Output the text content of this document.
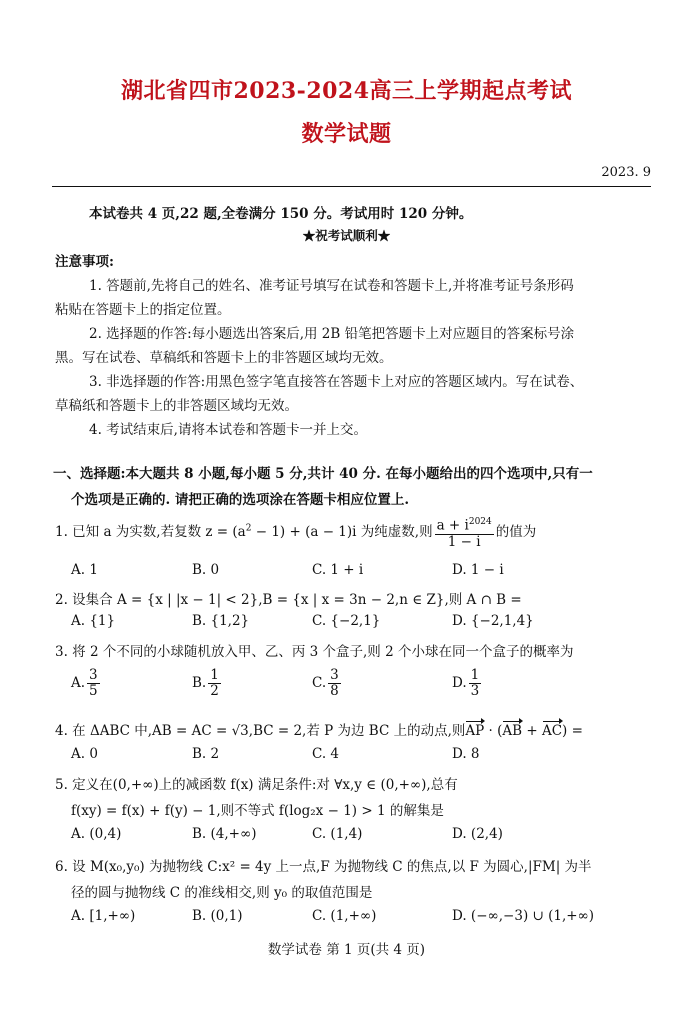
湖北省四市2023-2024高三上学期起点考试
数学试题
2023. 9
本试卷共 4 页,22 题,全卷满分 150 分。考试用时 120 分钟。
★祝考试顺利★
注意事项:
1. 答题前,先将自己的姓名、准考证号填写在试卷和答题卡上,并将准考证号条形码
粘贴在答题卡上的指定位置。
2. 选择题的作答:每小题选出答案后,用 2B 铅笔把答题卡上对应题目的答案标号涂
黑。写在试卷、草稿纸和答题卡上的非答题区域均无效。
3. 非选择题的作答:用黑色签字笔直接答在答题卡上对应的答题区域内。写在试卷、
草稿纸和答题卡上的非答题区域均无效。
4. 考试结束后,请将本试卷和答题卡一并上交。
一、选择题:本大题共 8 小题,每小题 5 分,共计 40 分. 在每小题给出的四个选项中,只有一
个选项是正确的. 请把正确的选项涂在答题卡相应位置上.
1. 已知 a 为实数,若复数 $z = (a^2 - 1) + (a - 1)i$ 为纯虚数,则 $\frac{a + i^{2024}}{1 - i}$ 的值为
A. 1	B. 0	C. 1 + i	D. 1 − i
2. 设集合 A = {x | |x − 1| < 2},B = {x | x = 3n − 2,n ∈ Z},则 A ∩ B =
A. {1}	B. {1,2}	C. {−2,1}	D. {−2,1,4}
3. 将 2 个不同的小球随机放入甲、乙、丙 3 个盒子,则 2 个小球在同一个盒子的概率为
A. $\frac{3}{5}$	B. $\frac{1}{2}$	C. $\frac{3}{8}$	D. $\frac{1}{3}$
4. 在 ΔABC 中,AB = AC = √3,BC = 2,若 P 为边 BC 上的动点,则AP · (AB + AC) =
A. 0	B. 2	C. 4	D. 8
5. 定义在(0,+∞)上的减函数 f(x) 满足条件:对 ∀x,y ∈ (0,+∞),总有
f(xy) = f(x) + f(y) − 1,则不等式 f(log₂x − 1) > 1 的解集是
A. (0,4)	B. (4,+∞)	C. (1,4)	D. (2,4)
6. 设 M(x₀,y₀) 为抛物线 C:x² = 4y 上一点,F 为抛物线 C 的焦点,以 F 为圆心,|FM| 为半
径的圆与抛物线 C 的准线相交,则 y₀ 的取值范围是
A. [1,+∞)	B. (0,1)	C. (1,+∞)	D. (−∞,−3) ∪ (1,+∞)
数学试卷 第 1 页(共 4 页)
